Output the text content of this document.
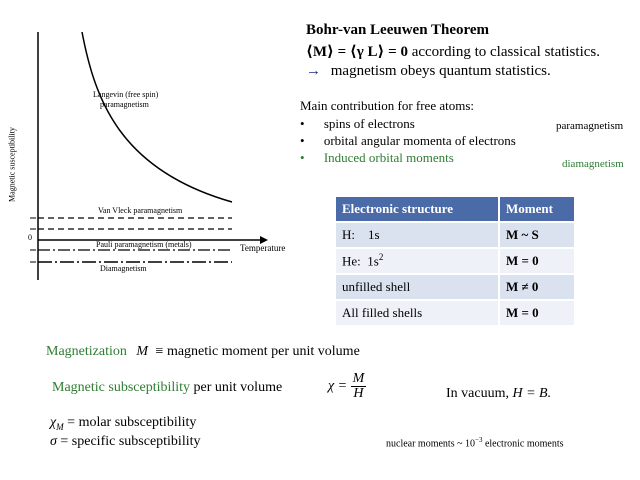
Magnetic susceptibility
0
Langevin (free spin)
paramagnetism
Van Vleck paramagnetism
Pauli paramagnetism (metals)
Diamagnetism
Temperature
Bohr-van Leeuwen Theorem
⟨M⟩ = ⟨γ L⟩ = 0 according to classical statistics.
→ magnetism obeys quantum statistics.
Main contribution for free atoms:
• spins of electrons
• orbital angular momenta of electrons
• Induced orbital moments
paramagnetism
diamagnetism
Electronic structure	Moment
H:    1s	M ~ S
He:  $1s^2$	M = 0
unfilled shell	M ≠ 0
All filled shells	M = 0
Magnetization M ≡ magnetic moment per unit volume
Magnetic subsceptibility per unit volume	$\chi = \frac{M}{H}$	In vacuum, H = B.
$\chi_M$ = molar subsceptibility
σ = specific subsceptibility	nuclear moments ~ $10^{-3}$ electronic moments
